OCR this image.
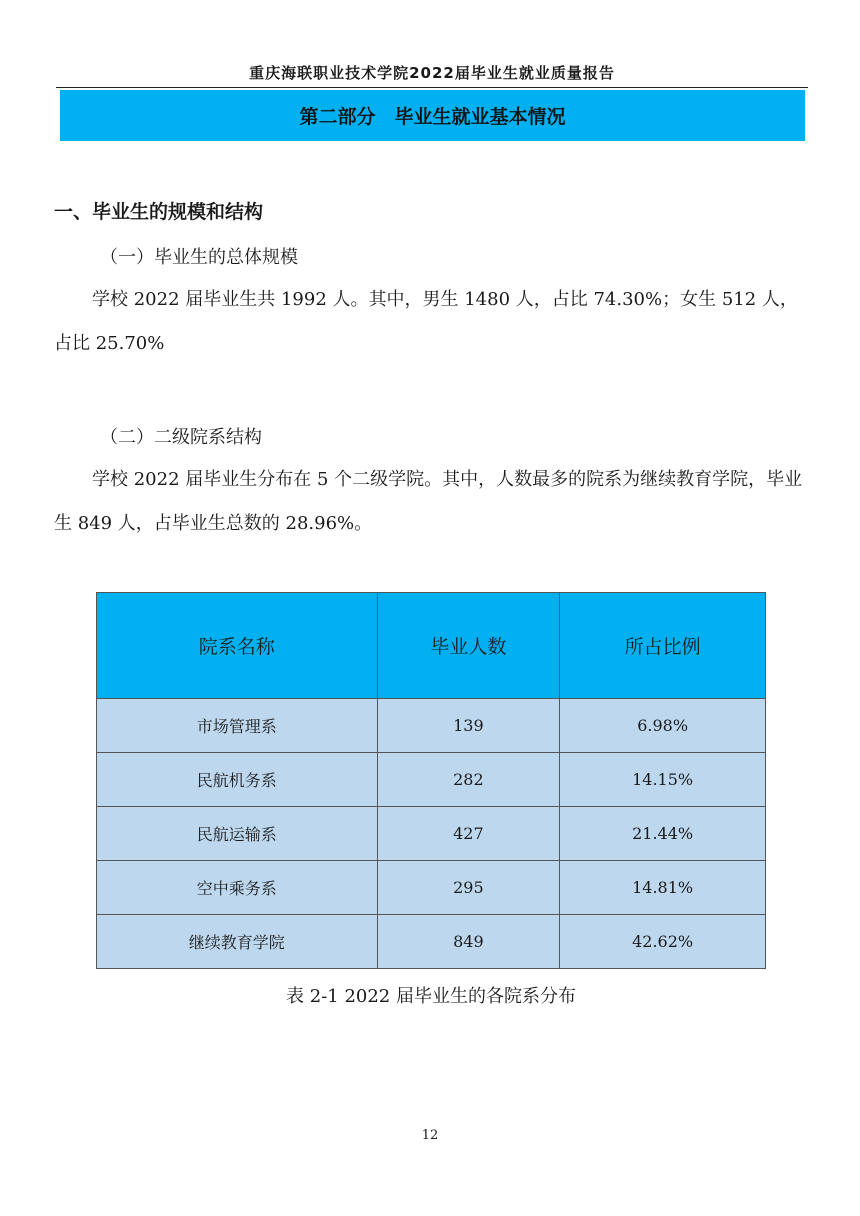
重庆海联职业技术学院2022届毕业生就业质量报告
第二部分　毕业生就业基本情况
一、毕业生的规模和结构
（一）毕业生的总体规模

学校 2022 届毕业生共 1992 人。其中，男生 1480 人，占比 74.30%；女生 512 人，占比 25.70%

（二）二级院系结构

学校 2022 届毕业生分布在 5 个二级学院。其中，人数最多的院系为继续教育学院，毕业生 849 人，占毕业生总数的 28.96%。

院系名称	毕业人数	所占比例
市场管理系	139	6.98%
民航机务系	282	14.15%
民航运输系	427	21.44%
空中乘务系	295	14.81%
继续教育学院	849	42.62%
表 2-1 2022 届毕业生的各院系分布
12
